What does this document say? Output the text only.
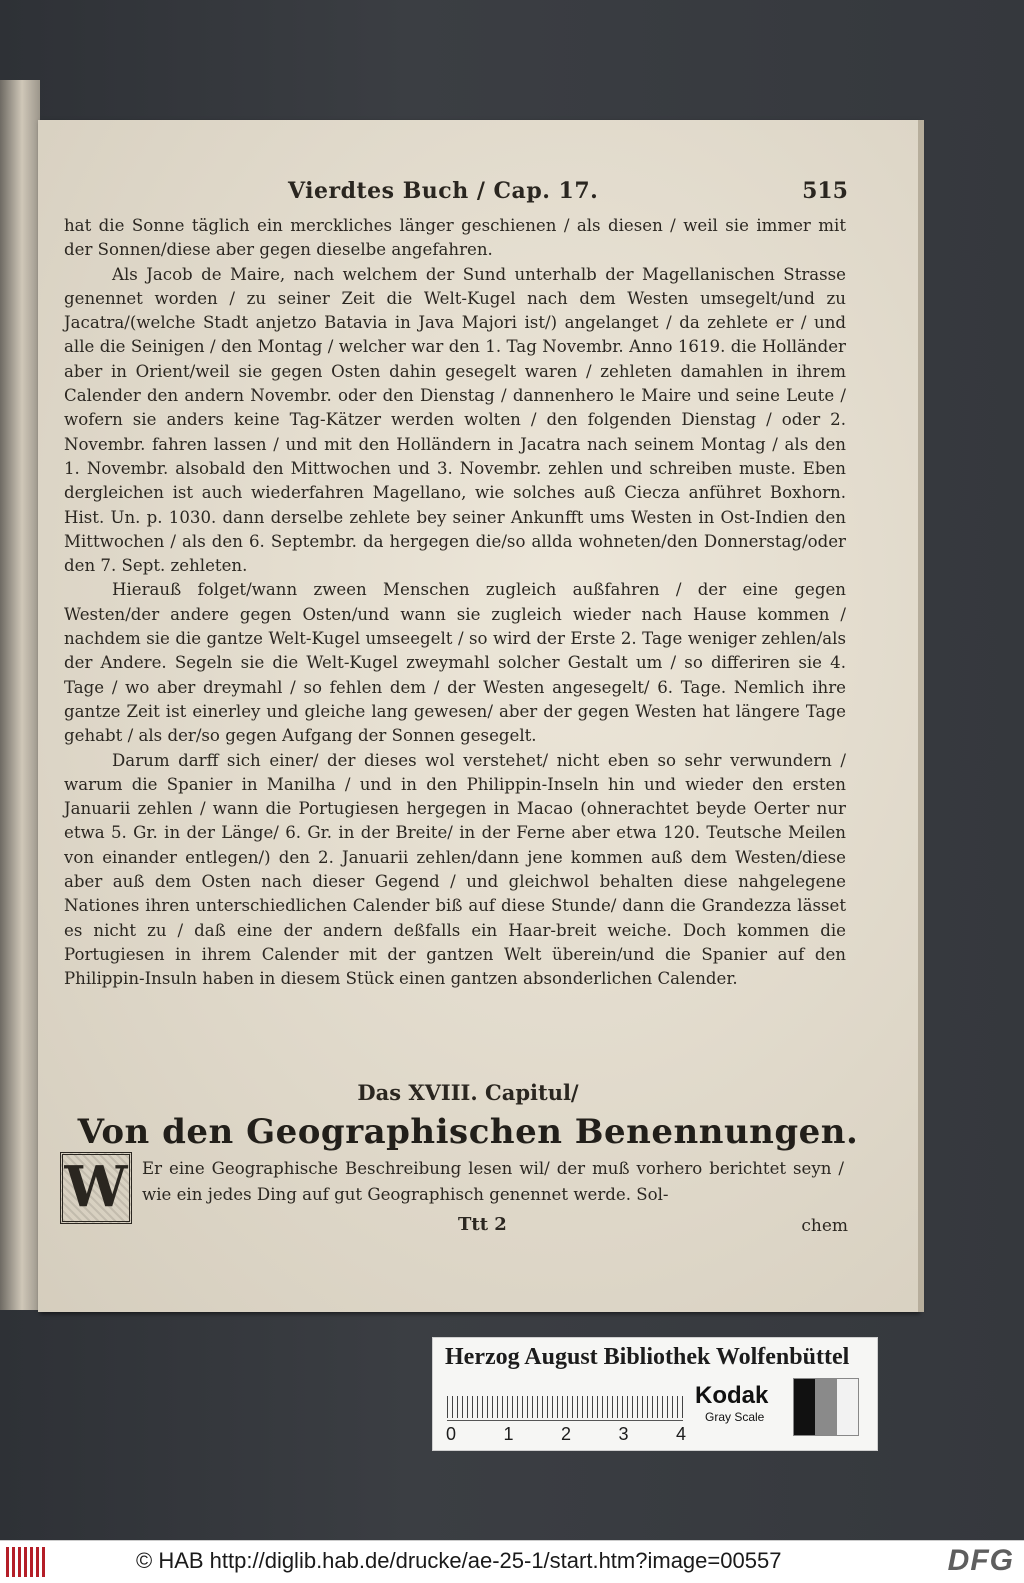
Vierdtes Buch / Cap. 17.	515

hat die Sonne täglich ein merckliches länger geschienen / als diesen / weil sie immer mit der Sonnen/diese aber gegen dieselbe angefahren.

Als Jacob de Maire, nach welchem der Sund unterhalb der Magellanischen Strasse genennet worden / zu seiner Zeit die Welt-Kugel nach dem Westen umsegelt/und zu Jacatra/(welche Stadt anjetzo Batavia in Java Majori ist/) angelanget / da zehlete er / und alle die Seinigen / den Montag / welcher war den 1. Tag Novembr. Anno 1619. die Holländer aber in Orient/weil sie gegen Osten dahin gesegelt waren / zehleten damahlen in ihrem Calender den andern Novembr. oder den Dienstag / dannenhero le Maire und seine Leute / wofern sie anders keine Tag-Kätzer werden wolten / den folgenden Dienstag / oder 2. Novembr. fahren lassen / und mit den Holländern in Jacatra nach seinem Montag / als den 1. Novembr. alsobald den Mittwochen und 3. Novembr. zehlen und schreiben muste. Eben dergleichen ist auch wiederfahren Magellano, wie solches auß Ciecza anführet Boxhorn. Hist. Un. p. 1030. dann derselbe zehlete bey seiner Ankunfft ums Westen in Ost-Indien den Mittwochen / als den 6. Septembr. da hergegen die/so allda wohneten/den Donnerstag/oder den 7. Sept. zehleten.

Hierauß folget/wann zween Menschen zugleich außfahren / der eine gegen Westen/der andere gegen Osten/und wann sie zugleich wieder nach Hause kommen / nachdem sie die gantze Welt-Kugel umseegelt / so wird der Erste 2. Tage weniger zehlen/als der Andere. Segeln sie die Welt-Kugel zweymahl solcher Gestalt um / so differiren sie 4. Tage / wo aber dreymahl / so fehlen dem / der Westen angesegelt/ 6. Tage. Nemlich ihre gantze Zeit ist einerley und gleiche lang gewesen/ aber der gegen Westen hat längere Tage gehabt / als der/so gegen Aufgang der Sonnen gesegelt.

Darum darff sich einer/ der dieses wol verstehet/ nicht eben so sehr verwundern / warum die Spanier in Manilha / und in den Philippin-Inseln hin und wieder den ersten Januarii zehlen / wann die Portugiesen hergegen in Macao (ohnerachtet beyde Oerter nur etwa 5. Gr. in der Länge/ 6. Gr. in der Breite/ in der Ferne aber etwa 120. Teutsche Meilen von einander entlegen/) den 2. Januarii zehlen/dann jene kommen auß dem Westen/diese aber auß dem Osten nach dieser Gegend / und gleichwol behalten diese nahgelegene Nationes ihren unterschiedlichen Calender biß auf diese Stunde/ dann die Grandezza lässet es nicht zu / daß eine der andern deßfalls ein Haar-breit weiche. Doch kommen die Portugiesen in ihrem Calender mit der gantzen Welt überein/und die Spanier auf den Philippin-Insuln haben in diesem Stück einen gantzen absonderlichen Calender.

Das XVIII. Capitul/
Von den Geographischen Benennungen.
W Er eine Geographische Beschreibung lesen wil/ der muß vorhero berichtet seyn / wie ein jedes Ding auf gut Geographisch genennet werde. Sol-
Ttt 2	chem
Herzog August Bibliothek Wolfenbüttel
0	1	2	3	4
Kodak
Gray Scale
© HAB http://diglib.hab.de/drucke/ae-25-1/start.htm?image=00557	DFG
